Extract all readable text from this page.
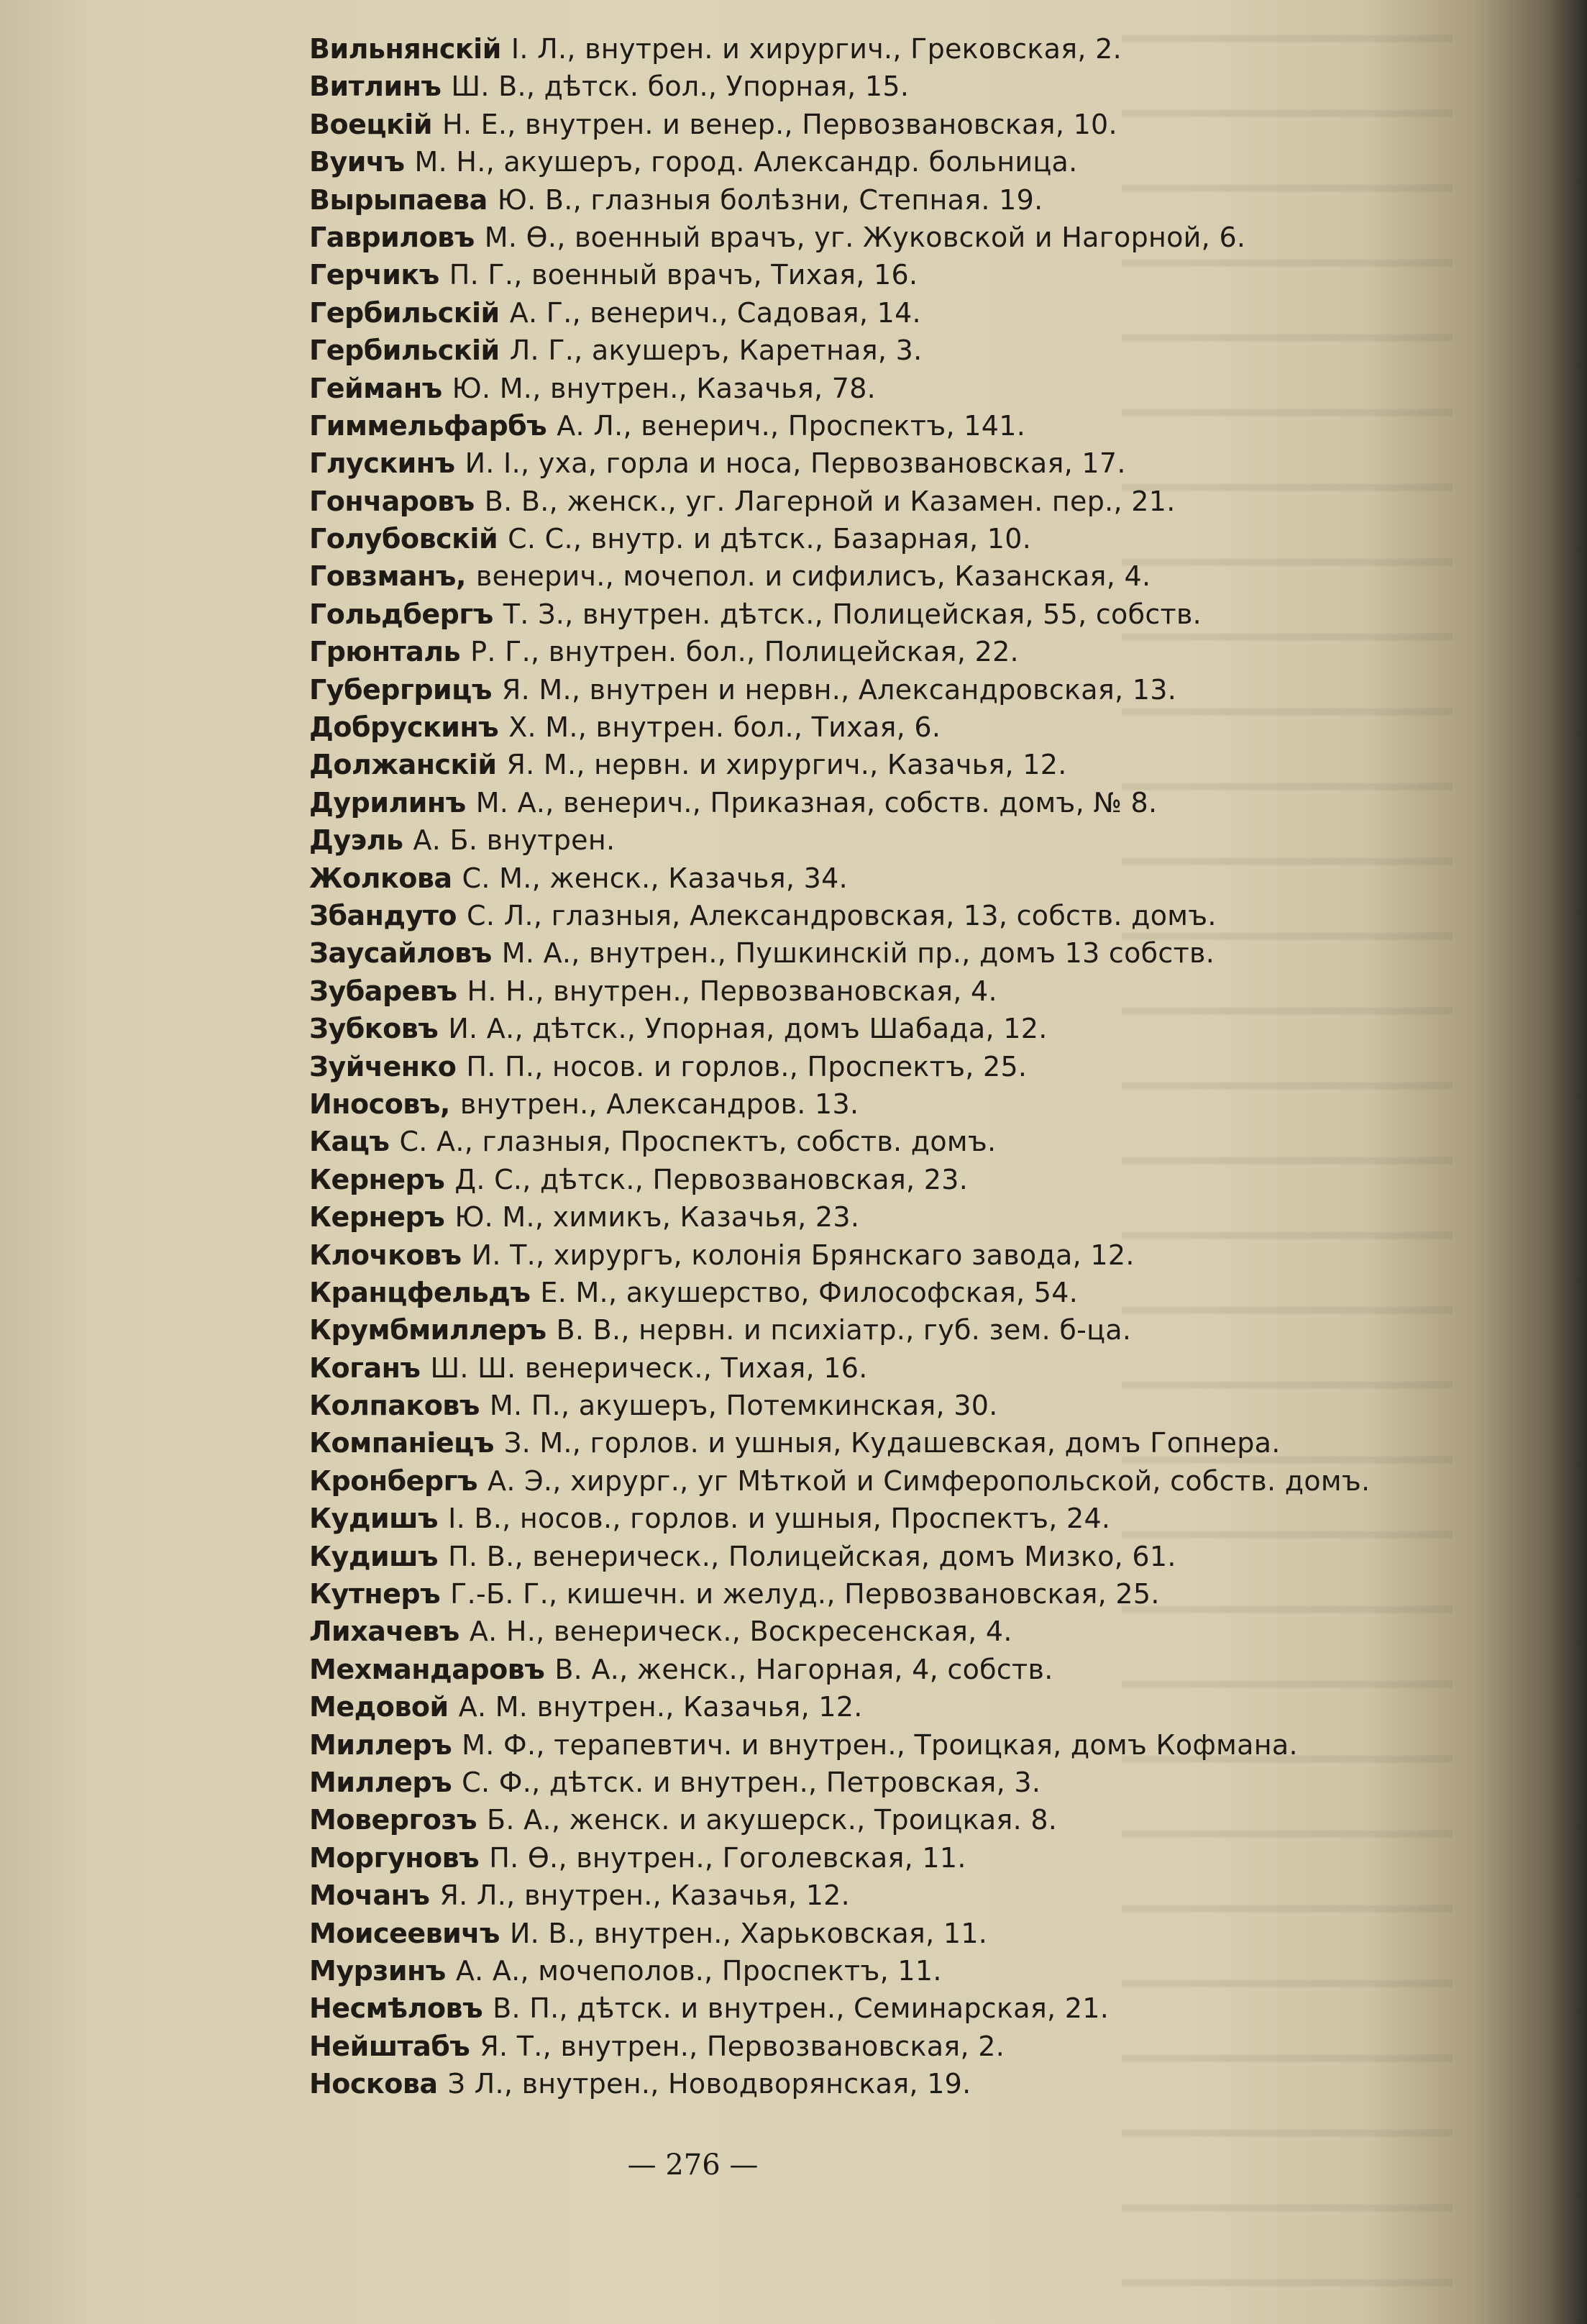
Вильнянскiй I. Л., внутрен. и хирургич., Грековская, 2.
Витлинъ Ш. В., дѣтск. бол., Упорная, 15.
Воецкiй Н. Е., внутрен. и венер., Первозвановская, 10.
Вуичъ М. Н., акушеръ, город. Александр. больница.
Вырыпаева Ю. В., глазныя болѣзни, Степная. 19.
Гавриловъ М. Ѳ., военный врачъ, уг. Жуковской и Нагорной, 6.
Герчикъ П. Г., военный врачъ, Тихая, 16.
Гербильскiй А. Г., венерич., Садовая, 14.
Гербильскiй Л. Г., акушеръ, Каретная, 3.
Гейманъ Ю. М., внутрен., Казачья, 78.
Гиммельфарбъ А. Л., венерич., Проспектъ, 141.
Глускинъ И. I., уха, горла и носа, Первозвановская, 17.
Гончаровъ В. В., женск., уг. Лагерной и Казамен. пер., 21.
Голубовскiй С. С., внутр. и дѣтск., Базарная, 10.
Говзманъ, венерич., мочепол. и сифилисъ, Казанская, 4.
Гольдбергъ Т. З., внутрен. дѣтск., Полицейская, 55, собств.
Грюнталь Р. Г., внутрен. бол., Полицейская, 22.
Губергрицъ Я. М., внутрен и нервн., Александровская, 13.
Добрускинъ Х. М., внутрен. бол., Тихая, 6.
Должанскiй Я. М., нервн. и хирургич., Казачья, 12.
Дурилинъ М. А., венерич., Приказная, собств. домъ, № 8.
Дуэль А. Б. внутрен.
Жолкова С. М., женск., Казачья, 34.
Збандуто С. Л., глазныя, Александровская, 13, собств. домъ.
Заусайловъ М. А., внутрен., Пушкинскiй пр., домъ 13 собств.
Зубаревъ Н. Н., внутрен., Первозвановская, 4.
Зубковъ И. А., дѣтск., Упорная, домъ Шабада, 12.
Зуйченко П. П., носов. и горлов., Проспектъ, 25.
Иносовъ, внутрен., Александров. 13.
Кацъ С. А., глазныя, Проспектъ, собств. домъ.
Кернеръ Д. С., дѣтск., Первозвановская, 23.
Кернеръ Ю. М., химикъ, Казачья, 23.
Клочковъ И. Т., хирургъ, колонiя Брянскаго завода, 12.
Кранцфельдъ Е. М., акушерство, Философская, 54.
Крумбмиллеръ В. В., нервн. и психiатр., губ. зем. б-ца.
Коганъ Ш. Ш. венерическ., Тихая, 16.
Колпаковъ М. П., акушеръ, Потемкинская, 30.
Компанiецъ З. М., горлов. и ушныя, Кудашевская, домъ Гопнера.
Кронбергъ А. Э., хирург., уг Мѣткой и Симферопольской, собств. домъ.
Кудишъ I. В., носов., горлов. и ушныя, Проспектъ, 24.
Кудишъ П. В., венерическ., Полицейская, домъ Мизко, 61.
Кутнеръ Г.-Б. Г., кишечн. и желуд., Первозвановская, 25.
Лихачевъ А. Н., венерическ., Воскресенская, 4.
Мехмандаровъ В. А., женск., Нагорная, 4, собств.
Медовой А. М. внутрен., Казачья, 12.
Миллеръ М. Ф., терапевтич. и внутрен., Троицкая, домъ Кофмана.
Миллеръ С. Ф., дѣтск. и внутрен., Петровская, 3.
Мовергозъ Б. А., женск. и акушерск., Троицкая. 8.
Моргуновъ П. Ѳ., внутрен., Гоголевская, 11.
Мочанъ Я. Л., внутрен., Казачья, 12.
Моисеевичъ И. В., внутрен., Харьковская, 11.
Мурзинъ А. А., мочеполов., Проспектъ, 11.
Несмѣловъ В. П., дѣтск. и внутрен., Семинарская, 21.
Нейштабъ Я. Т., внутрен., Первозвановская, 2.
Носкова З Л., внутрен., Новодворянская, 19.
— 276 —
